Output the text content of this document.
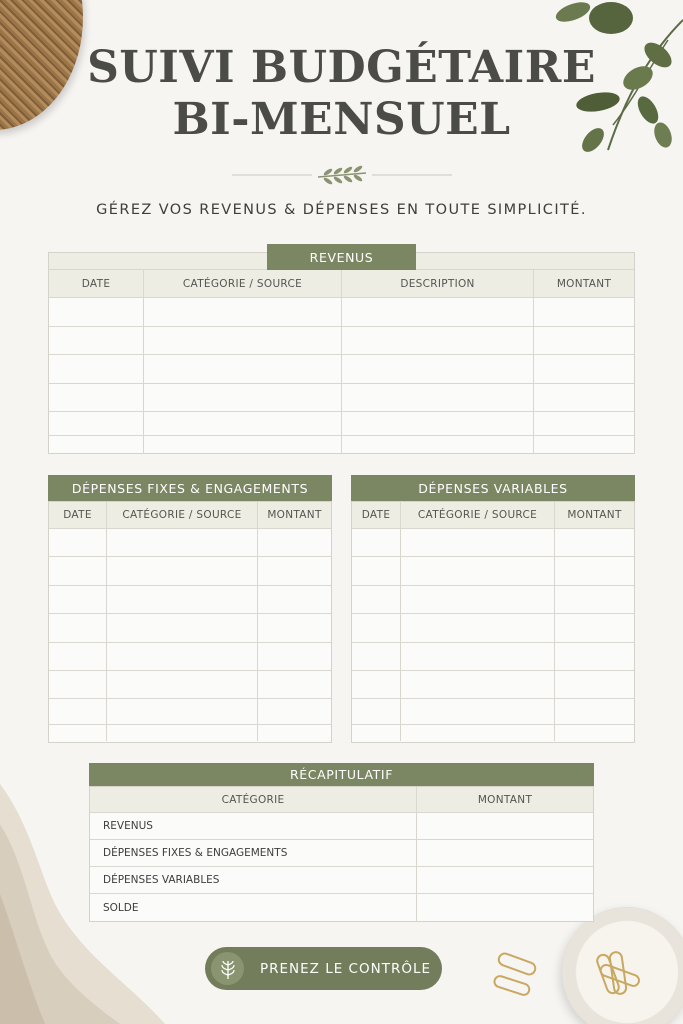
SUIVI BUDGÉTAIRE
BI-MENSUEL
GÉREZ VOS REVENUS & DÉPENSES EN TOUTE SIMPLICITÉ.
DATE	CATÉGORIE / SOURCE	DESCRIPTION	MONTANT
REVENUS
DÉPENSES FIXES & ENGAGEMENTS
DATE	CATÉGORIE / SOURCE	MONTANT
DÉPENSES VARIABLES
DATE	CATÉGORIE / SOURCE	MONTANT
RÉCAPITULATIF
CATÉGORIE	MONTANT
REVENUS
DÉPENSES FIXES & ENGAGEMENTS
DÉPENSES VARIABLES
SOLDE
PRENEZ LE CONTRÔLE
